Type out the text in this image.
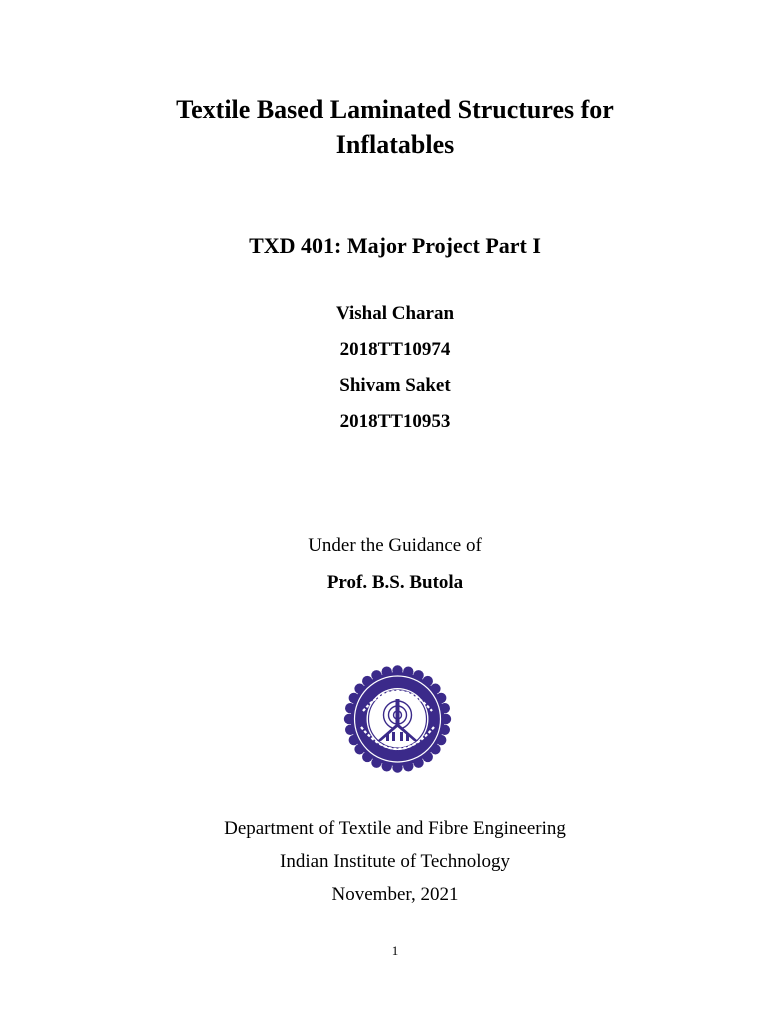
Textile Based Laminated Structures for
Inflatables
TXD 401: Major Project Part I
Vishal Charan
2018TT10974
Shivam Saket
2018TT10953
Under the Guidance of
Prof. B.S. Butola
Department of Textile and Fibre Engineering
Indian Institute of Technology
November, 2021
1
